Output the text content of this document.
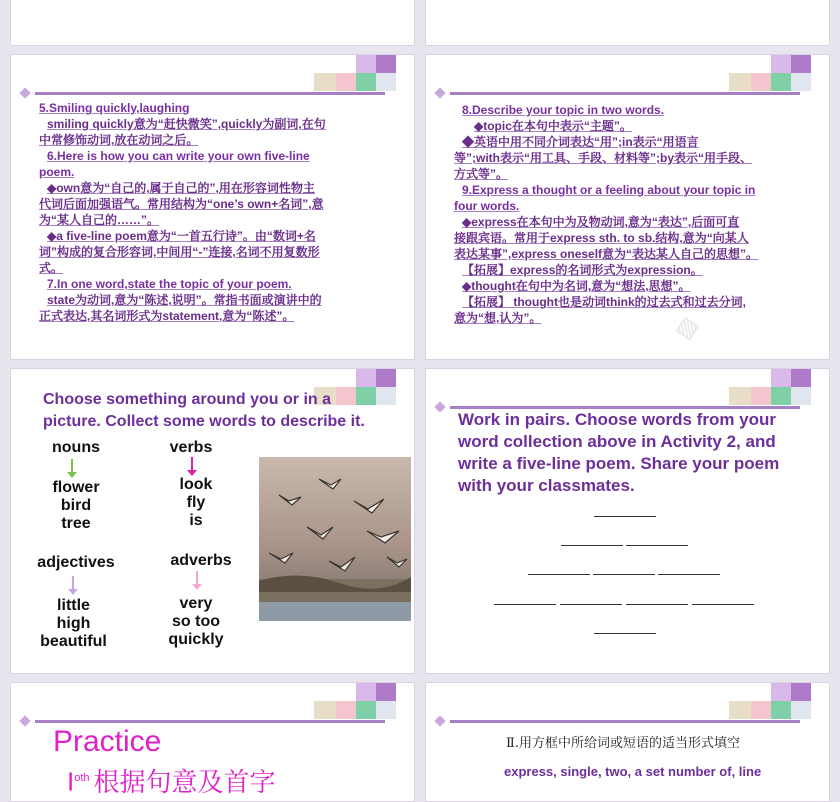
5.Smiling quickly,laughing

smiling quickly意为“赶快微笑”,quickly为副词,在句

中常修饰动词,放在动词之后。

6.Here is how you can write your own five-line

poem.

◆own意为“自己的,属于自己的”,用在形容词性物主

代词后面加强语气。常用结构为“one’s own+名词”,意

为“某人自己的……”。

◆a five-line poem意为“一首五行诗”。由“数词+名

词”构成的复合形容词,中间用“-”连接,名词不用复数形

式。

7.In one word,state the topic of your poem.

state为动词,意为“陈述,说明”。常指书面或演讲中的

正式表达,其名词形式为statement,意为“陈述”。

8.Describe your topic in two words.

◆topic在本句中表示“主题”。

◆英语中用不同介词表达“用”;in表示“用语言

等”;with表示“用工具、手段、材料等”;by表示“用手段、

方式等”。

9.Express a thought or a feeling about your topic in

four words.

◆express在本句中为及物动词,意为“表达”,后面可直

接跟宾语。常用于express sth. to sb.结构,意为“向某人

表达某事”,express oneself意为“表达某人自己的思想”。

【拓展】express的名词形式为expression。

◆thought在句中为名词,意为“想法,思想”。

【拓展】 thought也是动词think的过去式和过去分词,

意为“想,认为”。	▨
Choose something around you or in a
picture. Collect some words to describe it.
nouns
flower
bird
tree
verbs
look
fly
is
adjectives
little
high
beautiful
adverbs
very
so too
quickly
Work in pairs. Choose words from your
word collection above in Activity 2, and
write a five-line poem. Share your poem
with your classmates.
Practice
$I^{oth}$ 根据句意及首字
Ⅱ.用方框中所给词或短语的适当形式填空
express, single, two, a set number of, line
